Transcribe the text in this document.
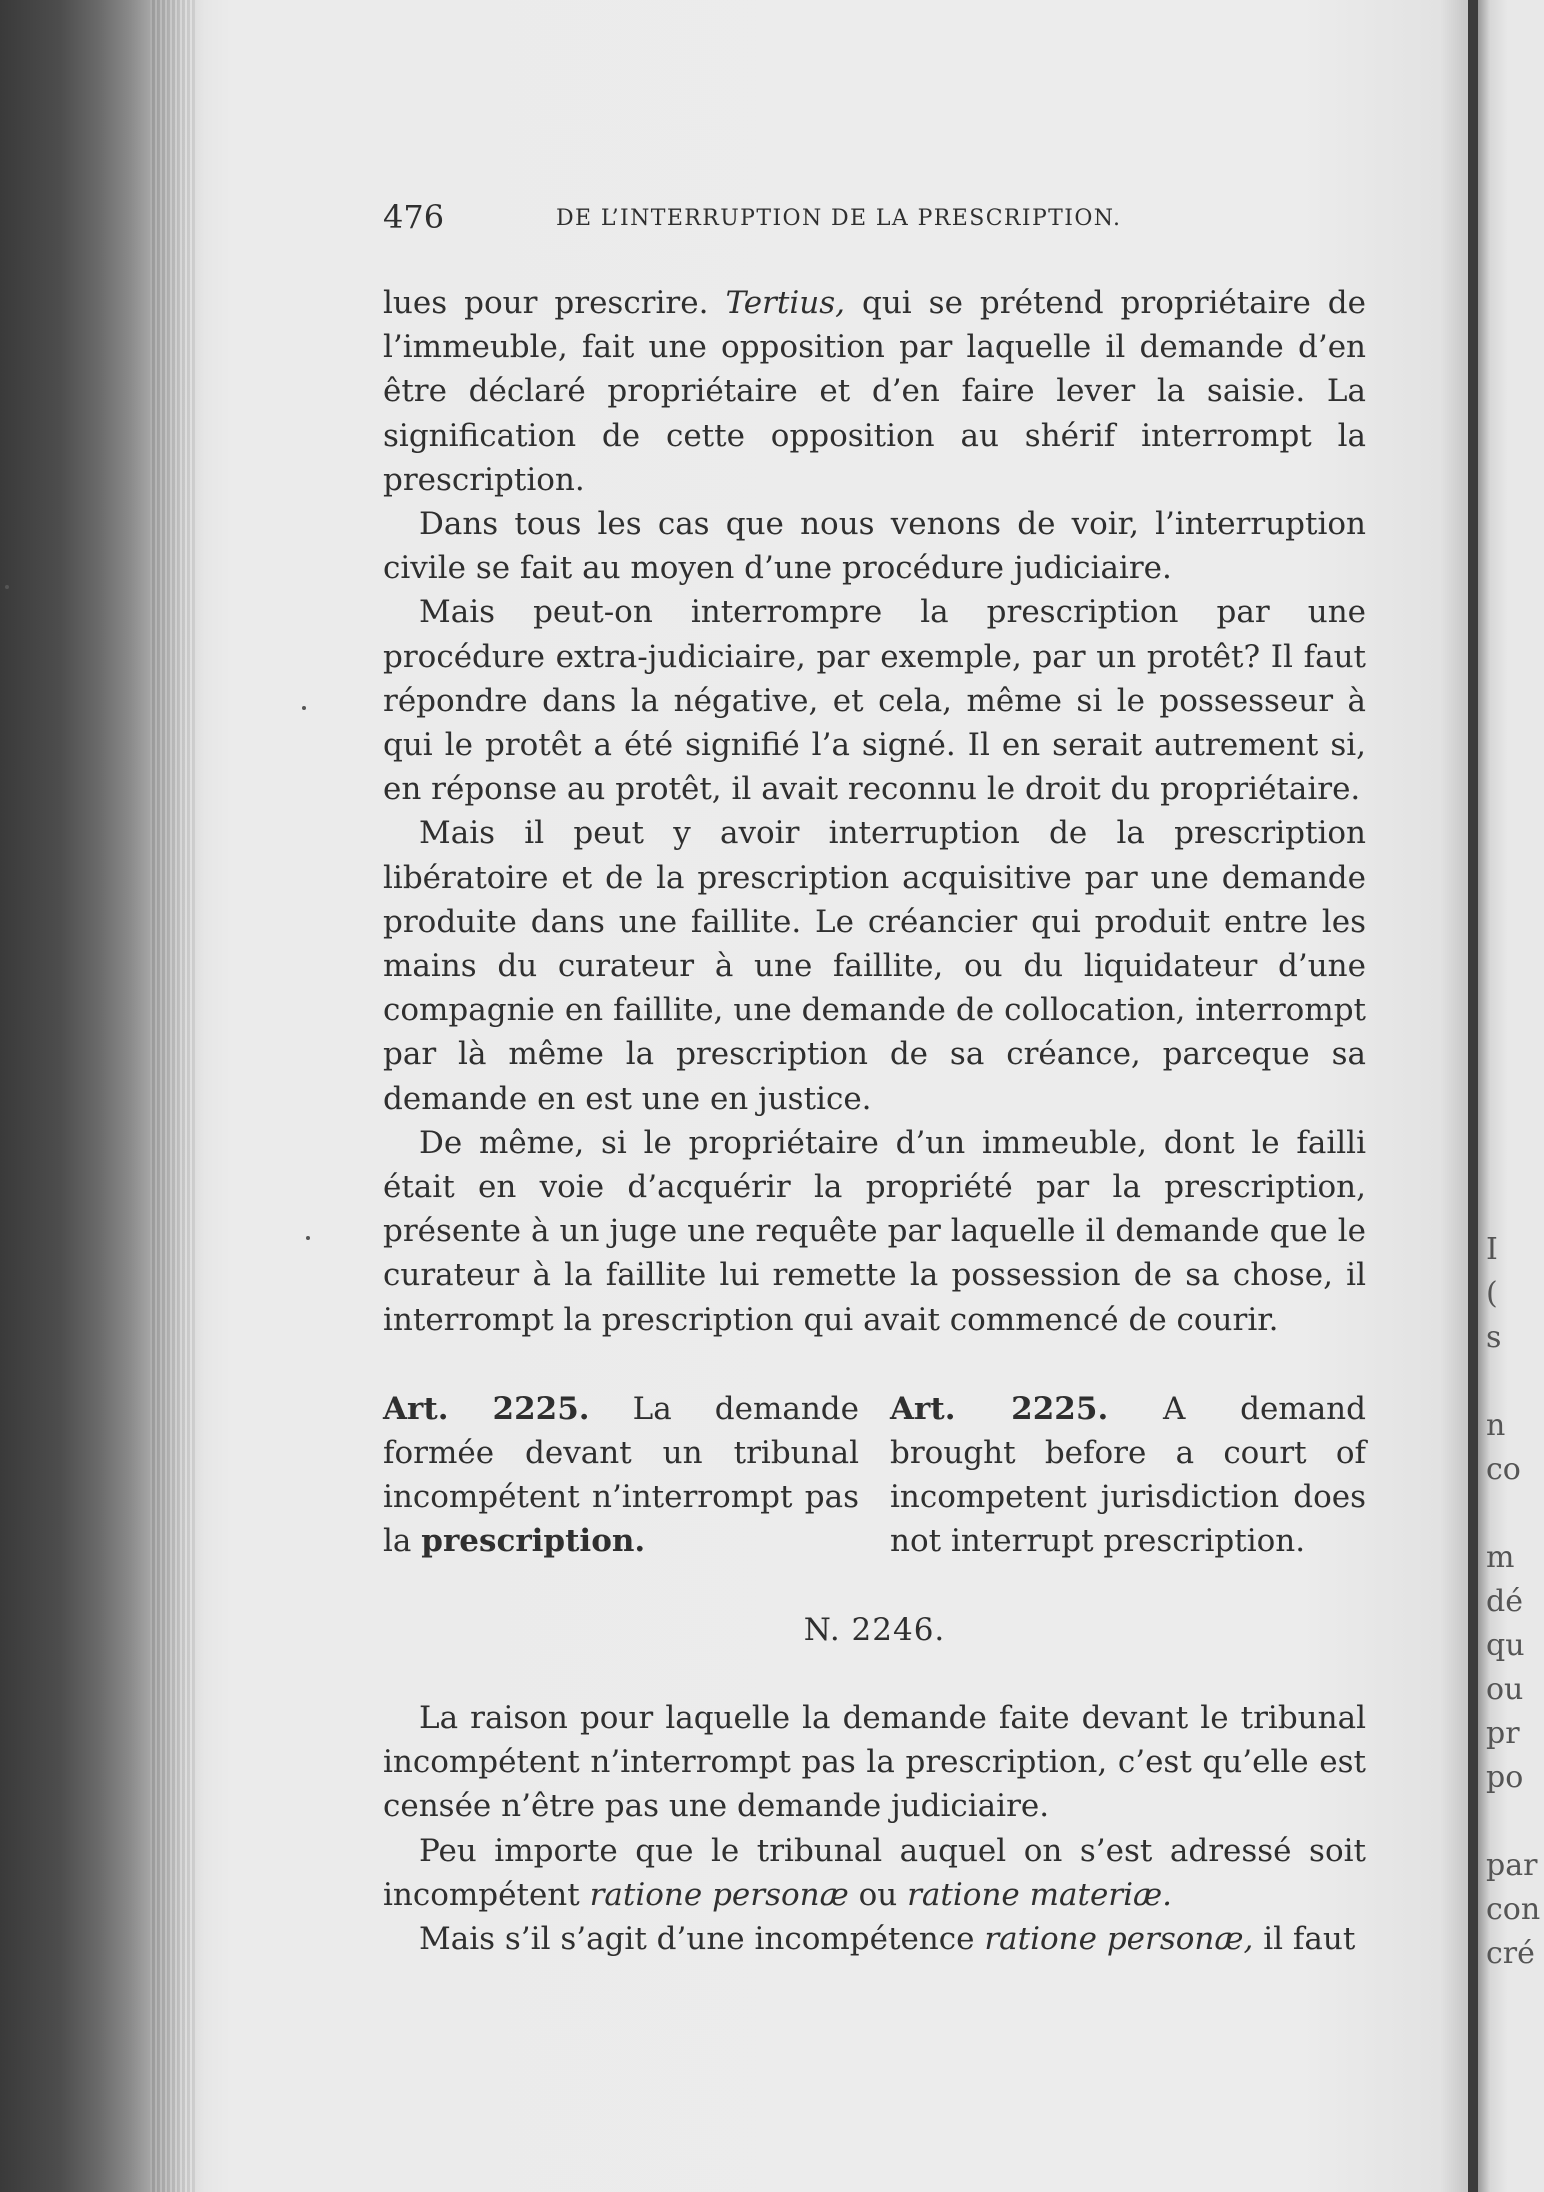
I
(
s
n
co
m
dé
qu
ou
pr
po
par
con
cré
476	DE L’INTERRUPTION DE LA PRESCRIPTION.

lues pour prescrire. Tertius, qui se prétend propriétaire de l’immeuble, fait une opposition par laquelle il demande d’en être déclaré propriétaire et d’en faire lever la saisie. La signification de cette opposition au shérif interrompt la prescription.

Dans tous les cas que nous venons de voir, l’interruption civile se fait au moyen d’une procédure judiciaire.

Mais peut-on interrompre la prescription par une procédure extra-judiciaire, par exemple, par un protêt? Il faut répondre dans la négative, et cela, même si le possesseur à qui le protêt a été signifié l’a signé. Il en serait autrement si, en réponse au protêt, il avait reconnu le droit du propriétaire.

Mais il peut y avoir interruption de la prescription libératoire et de la prescription acquisitive par une demande produite dans une faillite. Le créancier qui produit entre les mains du curateur à une faillite, ou du liquidateur d’une compagnie en faillite, une demande de collocation, interrompt par là même la prescription de sa créance, parceque sa demande en est une en justice.

De même, si le propriétaire d’un immeuble, dont le failli était en voie d’acquérir la propriété par la prescription, présente à un juge une requête par laquelle il demande que le curateur à la faillite lui remette la possession de sa chose, il interrompt la prescription qui avait commencé de courir.

Art. 2225. La demande formée devant un tribunal incompétent n’interrompt pas la prescription.

Art. 2225. A demand brought before a court of incompetent jurisdiction does not interrupt prescription.

N. 2246.

La raison pour laquelle la demande faite devant le tribunal incompétent n’interrompt pas la prescription, c’est qu’elle est censée n’être pas une demande judiciaire.

Peu importe que le tribunal auquel on s’est adressé soit incompétent ratione personæ ou ratione materiæ.

Mais s’il s’agit d’une incompétence ratione personæ, il faut
